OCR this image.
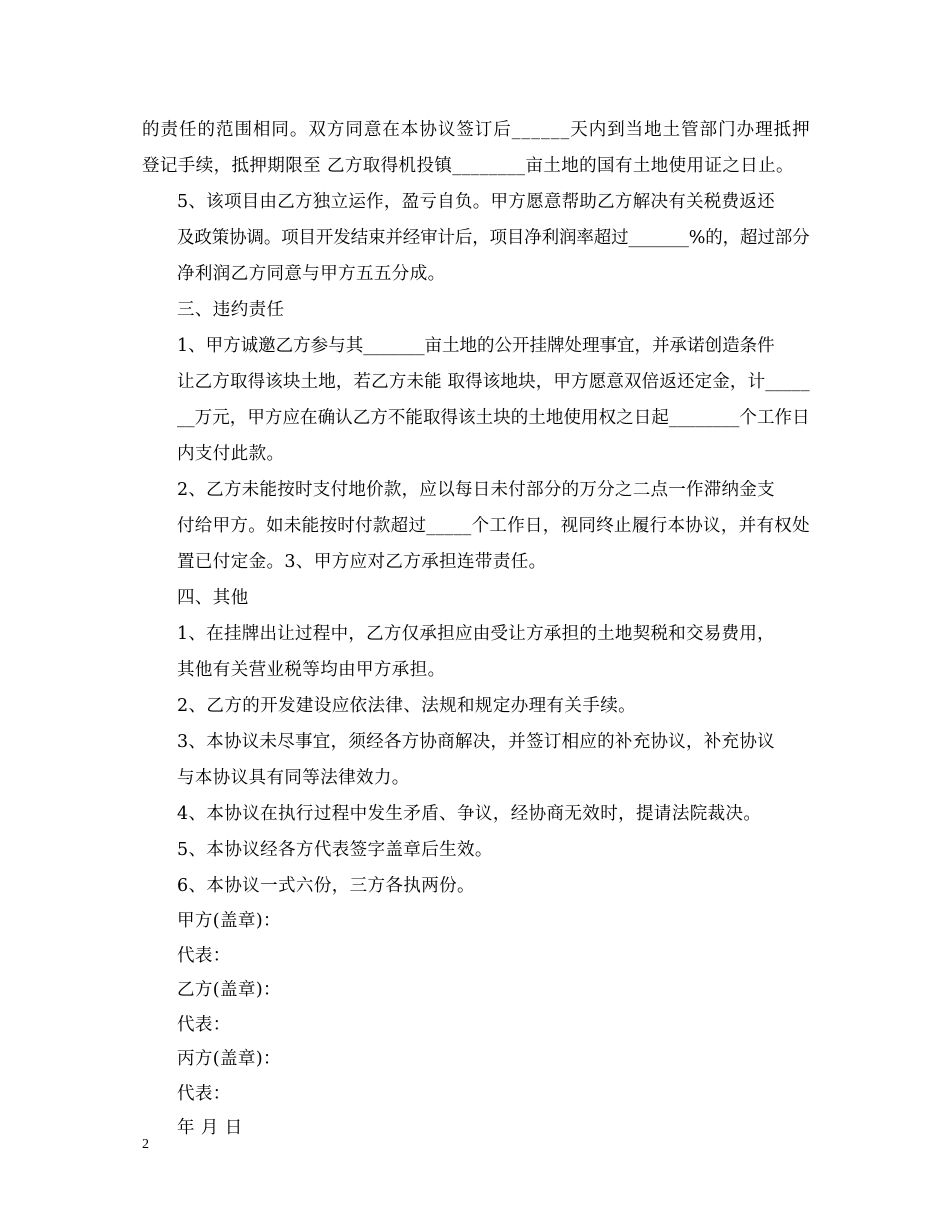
的责任的范围相同。双方同意在本协议签订后______天内到当地土管部门办理抵押
登记手续，抵押期限至 乙方取得机投镇________亩土地的国有土地使用证之日止。

5、该项目由乙方独立运作，盈亏自负。甲方愿意帮助乙方解决有关税费返还
及政策协调。项目开发结束并经审计后，项目净利润率超过_______%的，超过部分
净利润乙方同意与甲方五五分成。

三、违约责任

1、甲方诚邀乙方参与其_______亩土地的公开挂牌处理事宜，并承诺创造条件
让乙方取得该块土地，若乙方未能 取得该地块，甲方愿意双倍返还定金，计_____
__万元，甲方应在确认乙方不能取得该土块的土地使用权之日起________个工作日
内支付此款。

2、乙方未能按时支付地价款，应以每日未付部分的万分之二点一作滞纳金支
付给甲方。如未能按时付款超过_____个工作日，视同终止履行本协议，并有权处
置已付定金。3、甲方应对乙方承担连带责任。

四、其他

1、在挂牌出让过程中，乙方仅承担应由受让方承担的土地契税和交易费用，
其他有关营业税等均由甲方承担。

2、乙方的开发建设应依法律、法规和规定办理有关手续。

3、本协议未尽事宜，须经各方协商解决，并签订相应的补充协议，补充协议
与本协议具有同等法律效力。

4、本协议在执行过程中发生矛盾、争议，经协商无效时，提请法院裁决。

5、本协议经各方代表签字盖章后生效。

6、本协议一式六份，三方各执两份。

甲方(盖章)：

代表：

乙方(盖章)：

代表：

丙方(盖章)：

代表：

年 月 日

2
